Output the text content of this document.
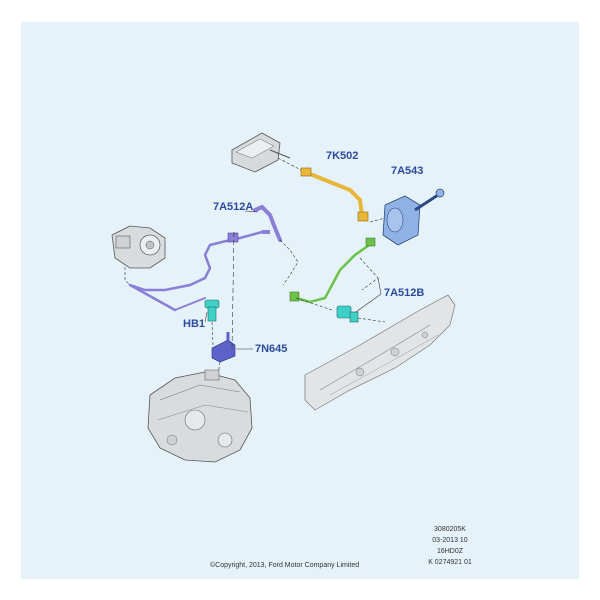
7K502
7A543
7A512A
7A512B
HB1
7N645
3080205K
03-2013 10
16HD0Z
K 0274921 01
©Copyright, 2013, Ford Motor Company Limited
